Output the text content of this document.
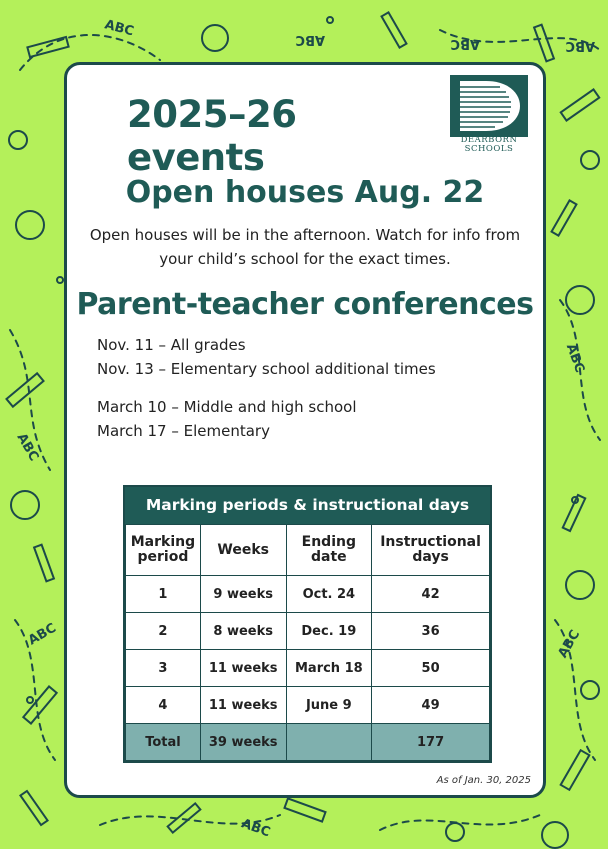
ABC	ABC	ABC	ABC
ABC
ABC
ABC	ABC
ABC
2025–26 events	DEARBORN
SCHOOLS
Open houses Aug. 22
Open houses will be in the afternoon. Watch for info from your child’s school for the exact times.
Parent-teacher conferences
Nov. 11 – All grades
Nov. 13 – Elementary school additional times
March 10 – Middle and high school
March 17 – Elementary
Marking periods & instructional days
Marking period	Weeks	Ending date	Instructional days
1	9 weeks	Oct. 24	42
2	8 weeks	Dec. 19	36
3	11 weeks	March 18	50
4	11 weeks	June 9	49
Total	39 weeks		177
As of Jan. 30, 2025
